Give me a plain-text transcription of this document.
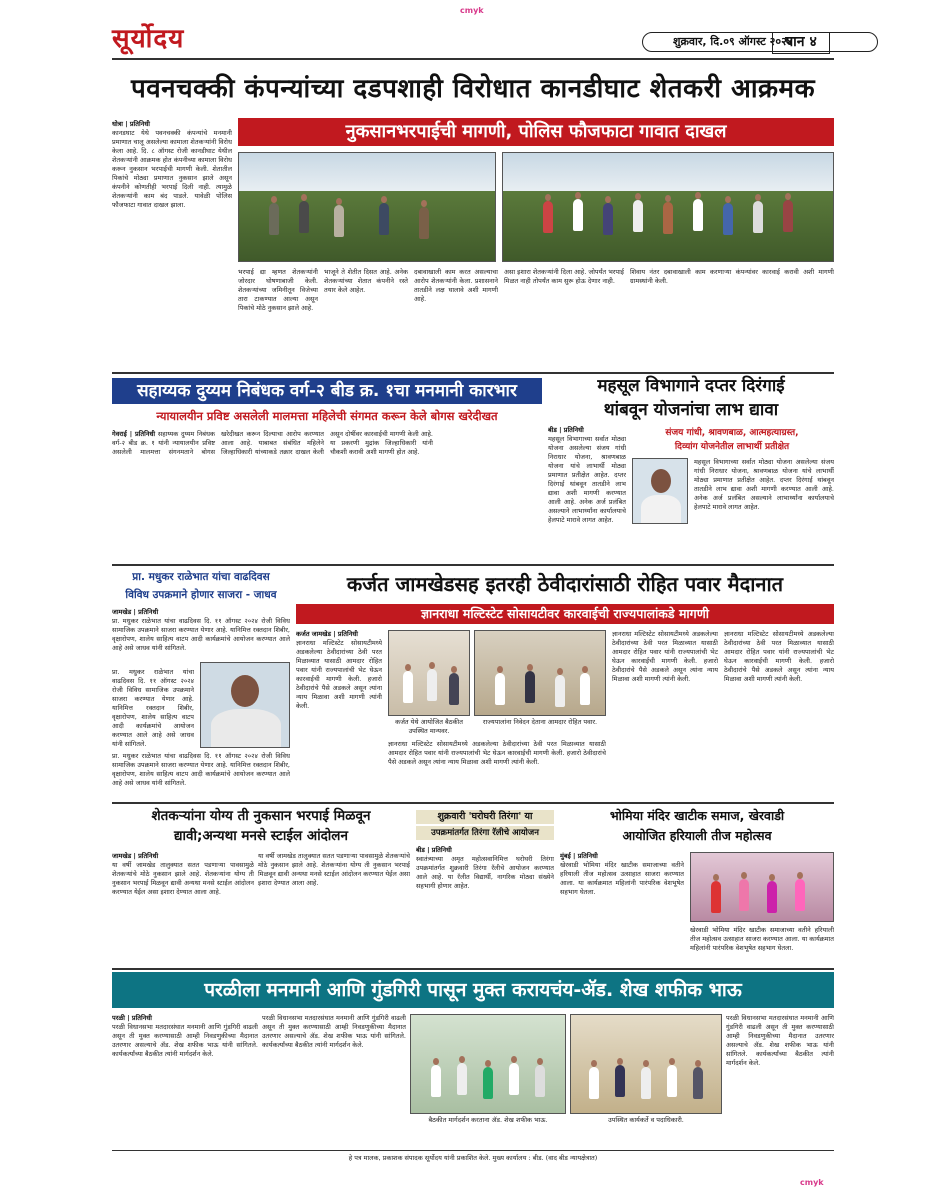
cmyk
cmyk
सूर्योदय	शुक्रवार, दि.०९ ऑगस्ट २०२४
पान ४
पवनचक्की कंपन्यांच्या दडपशाही विरोधात कानडीघाट शेतकरी आक्रमक
नुकसानभरपाईची मागणी, पोलिस फौजफाटा गावात दाखल
धोत्रा | प्रतिनिधी
कानडघाट येथे पवनचक्की कंपन्यांचे मनमानी प्रमाणात चालू असलेल्या कामाला शेतकऱ्यांनी विरोध केला आहे. दि. ८ ऑगस्ट रोजी कानडीघाट येथील शेतकऱ्यांनी आक्रमक होत कंपनीच्या कामाला विरोध करून नुकसान भरपाईची मागणी केली. शेतातील पिकांचे मोठ्या प्रमाणात नुकसान झाले असून कंपनीने कोणतीही भरपाई दिली नाही. त्यामुळे शेतकऱ्यांनी काम बंद पाडले. यावेळी पोलिस फौजफाटा गावात दाखल झाला.
भरपाई द्या म्हणत शेतकऱ्यांनी जोरदार घोषणाबाजी केली. शेतकऱ्यांच्या जमिनीतून विजेच्या तारा टाकण्यात आल्या असून पिकांचे मोठे नुकसान झाले आहे.
भाजूने ते शेतीत दिसत आहे. अनेक शेतकऱ्यांच्या शेतात कंपनीने रस्ते तयार केले आहेत.
दबावाखाली काम करत असल्याचा आरोप शेतकऱ्यांनी केला. प्रशासनाने तातडीने लक्ष घालावे अशी मागणी आहे.
असा इशारा शेतकऱ्यांनी दिला आहे. जोपर्यंत भरपाई मिळत नाही तोपर्यंत काम सुरू होऊ देणार नाही.
शिवाय नंतर दबावाखाली काम करणाऱ्या कंपन्यांवर कारवाई करावी अशी मागणी ग्रामस्थांनी केली.
सहाय्यक दुय्यम निबंधक वर्ग-२ बीड क्र. १चा मनमानी कारभार
न्यायालयीन प्रविष्ट असलेली मालमत्ता महिलेची संगमत करून केले बोगस खरेदीखत
गेवराई | प्रतिनिधी सहाय्यक दुय्यम निबंधक वर्ग-२ बीड क्र. १ यांनी न्यायालयीन प्रविष्ट असलेली मालमत्ता संगनमताने बोगस खरेदीखत करून दिल्याचा आरोप करण्यात आला आहे. याबाबत संबंधित महिलेने जिल्हाधिकारी यांच्याकडे तक्रार दाखल केली असून दोषींवर कारवाईची मागणी केली आहे. या प्रकरणी मुद्रांक जिल्हाधिकारी यांनी चौकशी करावी अशी मागणी होत आहे.
महसूल विभागाने दप्तर दिरंगाई
थांबवून योजनांचा लाभ द्यावा
संजय गांधी, श्रावणबाळ, आत्महत्याग्रस्त,
दिव्यांग योजनेतील लाभार्थी प्रतीक्षेत
बीड | प्रतिनिधी
महसूल विभागाच्या सर्वात मोठ्या योजना असलेल्या संजय गांधी निराधार योजना, श्रावणबाळ योजना यांचे लाभार्थी मोठ्या प्रमाणात प्रतीक्षेत आहेत. दप्तर दिरंगाई थांबवून तातडीने लाभ द्यावा अशी मागणी करण्यात आली आहे. अनेक अर्ज प्रलंबित असल्याने लाभार्थ्यांना कार्यालयाचे हेलपाटे मारावे लागत आहेत.
महसूल विभागाच्या सर्वात मोठ्या योजना असलेल्या संजय गांधी निराधार योजना, श्रावणबाळ योजना यांचे लाभार्थी मोठ्या प्रमाणात प्रतीक्षेत आहेत. दप्तर दिरंगाई थांबवून तातडीने लाभ द्यावा अशी मागणी करण्यात आली आहे. अनेक अर्ज प्रलंबित असल्याने लाभार्थ्यांना कार्यालयाचे हेलपाटे मारावे लागत आहेत.
प्रा. मधुकर राळेभात यांचा वाढदिवस
विविध उपक्रमाने होणार साजरा - जाधव
जामखेड | प्रतिनिधी
प्रा. मधुकर राळेभात यांचा वाढदिवस दि. ११ ऑगस्ट २०२४ रोजी विविध सामाजिक उपक्रमाने साजरा करण्यात येणार आहे. यानिमित्त रक्तदान शिबीर, वृक्षारोपण, शालेय साहित्य वाटप आदी कार्यक्रमांचे आयोजन करण्यात आले आहे असे जाधव यांनी सांगितले.
प्रा. मधुकर राळेभात यांचा वाढदिवस दि. ११ ऑगस्ट २०२४ रोजी विविध सामाजिक उपक्रमाने साजरा करण्यात येणार आहे. यानिमित्त रक्तदान शिबीर, वृक्षारोपण, शालेय साहित्य वाटप आदी कार्यक्रमांचे आयोजन करण्यात आले आहे असे जाधव यांनी सांगितले.
प्रा. मधुकर राळेभात यांचा वाढदिवस दि. ११ ऑगस्ट २०२४ रोजी विविध सामाजिक उपक्रमाने साजरा करण्यात येणार आहे. यानिमित्त रक्तदान शिबीर, वृक्षारोपण, शालेय साहित्य वाटप आदी कार्यक्रमांचे आयोजन करण्यात आले आहे असे जाधव यांनी सांगितले.
कर्जत जामखेडसह इतरही ठेवीदारांसाठी रोहित पवार मैदानात
ज्ञानराधा मल्टिस्टेट सोसायटीवर कारवाईची राज्यपालांकडे मागणी
कर्जत जामखेड | प्रतिनिधी
ज्ञानराधा मल्टिस्टेट सोसायटीमध्ये अडकलेल्या ठेवीदारांच्या ठेवी परत मिळाव्यात यासाठी आमदार रोहित पवार यांनी राज्यपालांची भेट घेऊन कारवाईची मागणी केली. हजारो ठेवीदारांचे पैसे अडकले असून त्यांना न्याय मिळावा अशी मागणी त्यांनी केली.
कर्जत येथे आयोजित बैठकीत उपस्थित मान्यवर.
राज्यपालांना निवेदन देताना आमदार रोहित पवार.
ज्ञानराधा मल्टिस्टेट सोसायटीमध्ये अडकलेल्या ठेवीदारांच्या ठेवी परत मिळाव्यात यासाठी आमदार रोहित पवार यांनी राज्यपालांची भेट घेऊन कारवाईची मागणी केली. हजारो ठेवीदारांचे पैसे अडकले असून त्यांना न्याय मिळावा अशी मागणी त्यांनी केली.
ज्ञानराधा मल्टिस्टेट सोसायटीमध्ये अडकलेल्या ठेवीदारांच्या ठेवी परत मिळाव्यात यासाठी आमदार रोहित पवार यांनी राज्यपालांची भेट घेऊन कारवाईची मागणी केली. हजारो ठेवीदारांचे पैसे अडकले असून त्यांना न्याय मिळावा अशी मागणी त्यांनी केली.
ज्ञानराधा मल्टिस्टेट सोसायटीमध्ये अडकलेल्या ठेवीदारांच्या ठेवी परत मिळाव्यात यासाठी आमदार रोहित पवार यांनी राज्यपालांची भेट घेऊन कारवाईची मागणी केली. हजारो ठेवीदारांचे पैसे अडकले असून त्यांना न्याय मिळावा अशी मागणी त्यांनी केली.
शेतकऱ्यांना योग्य ती नुकसान भरपाई मिळवून
द्यावी;अन्यथा मनसे स्टाईल आंदोलन
जामखेड | प्रतिनिधी
या वर्षी जामखेड तालुक्यात सतत पडणाऱ्या पावसामुळे शेतकऱ्यांचे मोठे नुकसान झाले आहे. शेतकऱ्यांना योग्य ती नुकसान भरपाई मिळवून द्यावी अन्यथा मनसे स्टाईल आंदोलन करण्यात येईल असा इशारा देण्यात आला आहे.
या वर्षी जामखेड तालुक्यात सतत पडणाऱ्या पावसामुळे शेतकऱ्यांचे मोठे नुकसान झाले आहे. शेतकऱ्यांना योग्य ती नुकसान भरपाई मिळवून द्यावी अन्यथा मनसे स्टाईल आंदोलन करण्यात येईल असा इशारा देण्यात आला आहे.
शुक्रवारी 'घरोघरी तिरंगा' या
उपक्रमांतर्गत तिरंगा रॅलीचे आयोजन
बीड | प्रतिनिधी
स्वातंत्र्याच्या अमृत महोत्सवानिमित्त घरोघरी तिरंगा उपक्रमांतर्गत शुक्रवारी तिरंगा रॅलीचे आयोजन करण्यात आले आहे. या रॅलीत विद्यार्थी, नागरिक मोठ्या संख्येने सहभागी होणार आहेत.
भोमिया मंदिर खाटीक समाज, खेरवाडी
आयोजित हरियाली तीज महोत्सव
मुंबई | प्रतिनिधी
खेरवाडी भोमिया मंदिर खाटीक समाजाच्या वतीने हरियाली तीज महोत्सव उत्साहात साजरा करण्यात आला. या कार्यक्रमात महिलांनी पारंपरिक वेशभूषेत सहभाग घेतला.
खेरवाडी भोमिया मंदिर खाटीक समाजाच्या वतीने हरियाली तीज महोत्सव उत्साहात साजरा करण्यात आला. या कार्यक्रमात महिलांनी पारंपरिक वेशभूषेत सहभाग घेतला.
परळीला मनमानी आणि गुंडगिरी पासून मुक्त करायचंय-ॲड. शेख शफीक भाऊ
परळी | प्रतिनिधी
परळी विधानसभा मतदारसंघात मनमानी आणि गुंडगिरी वाढली असून ती मुक्त करण्यासाठी आम्ही निवडणुकीच्या मैदानात उतरणार असल्याचे ॲड. शेख शफीक भाऊ यांनी सांगितले. कार्यकर्त्यांच्या बैठकीत त्यांनी मार्गदर्शन केले.
परळी विधानसभा मतदारसंघात मनमानी आणि गुंडगिरी वाढली असून ती मुक्त करण्यासाठी आम्ही निवडणुकीच्या मैदानात उतरणार असल्याचे ॲड. शेख शफीक भाऊ यांनी सांगितले. कार्यकर्त्यांच्या बैठकीत त्यांनी मार्गदर्शन केले.
बैठकीत मार्गदर्शन करताना ॲड. शेख शफीक भाऊ.	उपस्थित कार्यकर्ते व पदाधिकारी.
परळी विधानसभा मतदारसंघात मनमानी आणि गुंडगिरी वाढली असून ती मुक्त करण्यासाठी आम्ही निवडणुकीच्या मैदानात उतरणार असल्याचे ॲड. शेख शफीक भाऊ यांनी सांगितले. कार्यकर्त्यांच्या बैठकीत त्यांनी मार्गदर्शन केले.
हे पत्र मालक, प्रकाशक संपादक सूर्योदय यांनी प्रकाशित केले. मुख्य कार्यालय : बीड. (वाद बीड न्यायक्षेत्रात)
